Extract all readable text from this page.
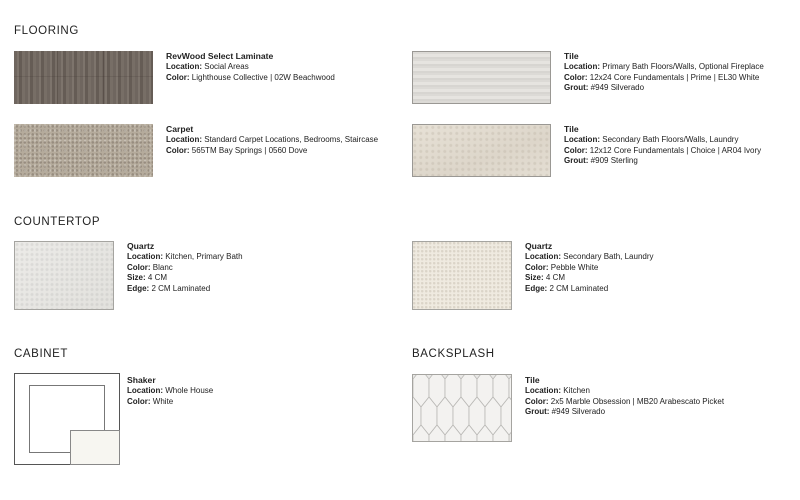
FLOORING
RevWood Select Laminate
Location: Social Areas
Color: Lighthouse Collective | 02W Beachwood
Carpet
Location: Standard Carpet Locations, Bedrooms, Staircase
Color: 565TM Bay Springs | 0560 Dove
Tile
Location: Primary Bath Floors/Walls, Optional Fireplace
Color: 12x24 Core Fundamentals | Prime | EL30 White
Grout: #949 Silverado
Tile
Location: Secondary Bath Floors/Walls, Laundry
Color: 12x12 Core Fundamentals | Choice | AR04 Ivory
Grout: #909 Sterling
COUNTERTOP
Quartz
Location: Kitchen, Primary Bath
Color: Blanc
Size: 4 CM
Edge: 2 CM Laminated
Quartz
Location: Secondary Bath, Laundry
Color: Pebble White
Size: 4 CM
Edge: 2 CM Laminated
CABINET
Shaker
Location: Whole House
Color: White
BACKSPLASH
Tile
Location: Kitchen
Color: 2x5 Marble Obsession | MB20 Arabescato Picket
Grout: #949 Silverado
